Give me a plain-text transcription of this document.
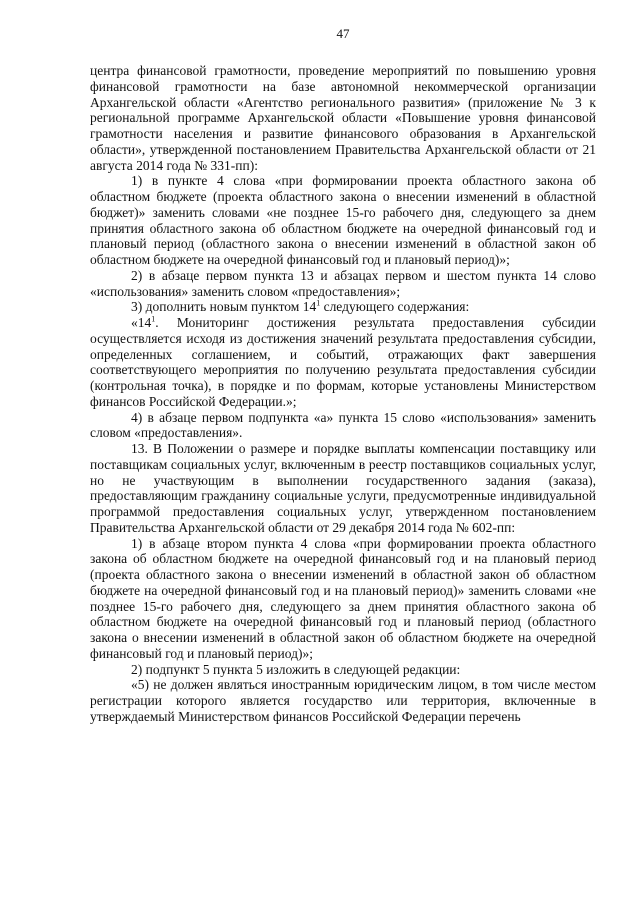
47

центра финансовой грамотности, проведение мероприятий по повышению уровня финансовой грамотности на базе автономной некоммерческой организации Архангельской области «Агентство регионального развития» (приложение № 3 к региональной программе Архангельской области «Повышение уровня финансовой грамотности населения и развитие финансового образования в Архангельской области», утвержденной постановлением Правительства Архангельской области от 21 августа 2014 года № 331-пп):

1) в пункте 4 слова «при формировании проекта областного закона об областном бюджете (проекта областного закона о внесении изменений в областной бюджет)» заменить словами «не позднее 15-го рабочего дня, следующего за днем принятия областного закона об областном бюджете на очередной финансовый год и плановый период (областного закона о внесении изменений в областной закон об областном бюджете на очередной финансовый год и плановый период)»;

2) в абзаце первом пункта 13 и абзацах первом и шестом пункта 14 слово «использования» заменить словом «предоставления»;

3) дополнить новым пунктом $14^1$ следующего содержания:

«$14^1$. Мониторинг достижения результата предоставления субсидии осуществляется исходя из достижения значений результата предоставления субсидии, определенных соглашением, и событий, отражающих факт завершения соответствующего мероприятия по получению результата предоставления субсидии (контрольная точка), в порядке и по формам, которые установлены Министерством финансов Российской Федерации.»;

4) в абзаце первом подпункта «а» пункта 15 слово «использования» заменить словом «предоставления».

13. В Положении о размере и порядке выплаты компенсации поставщику или поставщикам социальных услуг, включенным в реестр поставщиков социальных услуг, но не участвующим в выполнении государственного задания (заказа), предоставляющим гражданину социальные услуги, предусмотренные индивидуальной программой предоставления социальных услуг, утвержденном постановлением Правительства Архангельской области от 29 декабря 2014 года № 602-пп:

1) в абзаце втором пункта 4 слова «при формировании проекта областного закона об областном бюджете на очередной финансовый год и на плановый период (проекта областного закона о внесении изменений в областной закон об областном бюджете на очередной финансовый год и на плановый период)» заменить словами «не позднее 15-го рабочего дня, следующего за днем принятия областного закона об областном бюджете на очередной финансовый год и плановый период (областного закона о внесении изменений в областной закон об областном бюджете на очередной финансовый год и плановый период)»;

2) подпункт 5 пункта 5 изложить в следующей редакции:

«5) не должен являться иностранным юридическим лицом, в том числе местом регистрации которого является государство или территория, включенные в утверждаемый Министерством финансов Российской Федерации перечень
